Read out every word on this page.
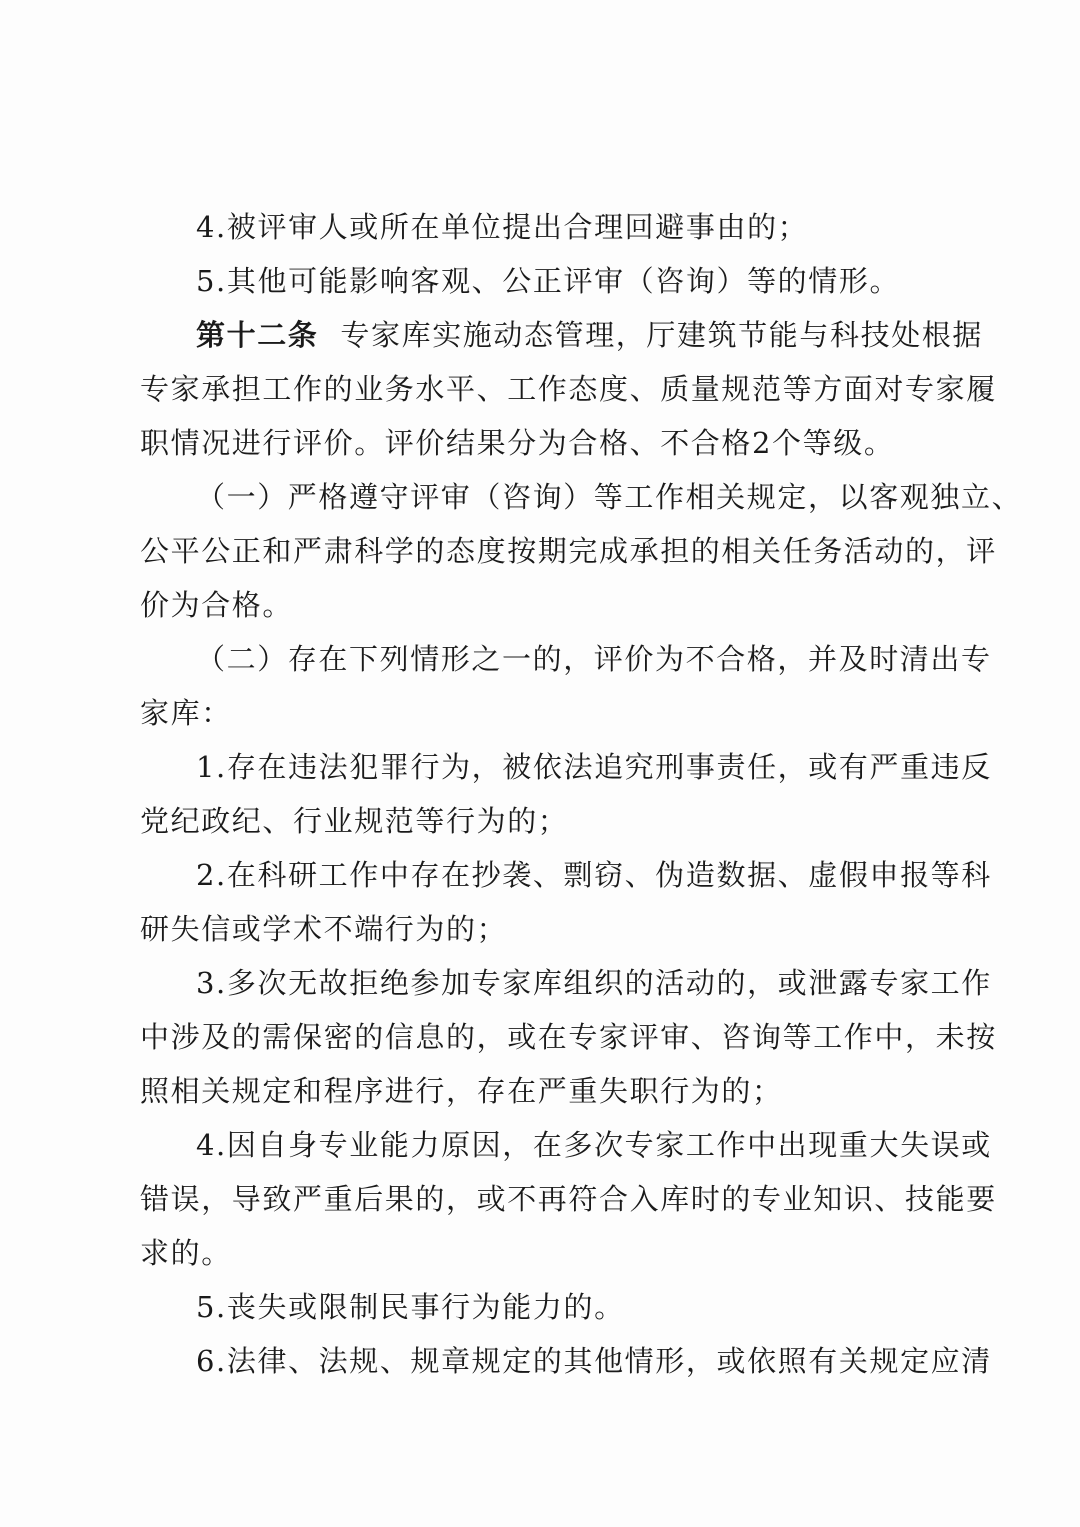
4.被评审人或所在单位提出合理回避事由的；
5.其他可能影响客观、公正评审（咨询）等的情形。
第十二条 专家库实施动态管理，厅建筑节能与科技处根据
专家承担工作的业务水平、工作态度、质量规范等方面对专家履
职情况进行评价。评价结果分为合格、不合格2个等级。
（一）严格遵守评审（咨询）等工作相关规定，以客观独立、
公平公正和严肃科学的态度按期完成承担的相关任务活动的，评
价为合格。
（二）存在下列情形之一的，评价为不合格，并及时清出专
家库：
1.存在违法犯罪行为，被依法追究刑事责任，或有严重违反
党纪政纪、行业规范等行为的；
2.在科研工作中存在抄袭、剽窃、伪造数据、虚假申报等科
研失信或学术不端行为的；
3.多次无故拒绝参加专家库组织的活动的，或泄露专家工作
中涉及的需保密的信息的，或在专家评审、咨询等工作中，未按
照相关规定和程序进行，存在严重失职行为的；
4.因自身专业能力原因，在多次专家工作中出现重大失误或
错误，导致严重后果的，或不再符合入库时的专业知识、技能要
求的。
5.丧失或限制民事行为能力的。
6.法律、法规、规章规定的其他情形，或依照有关规定应清
